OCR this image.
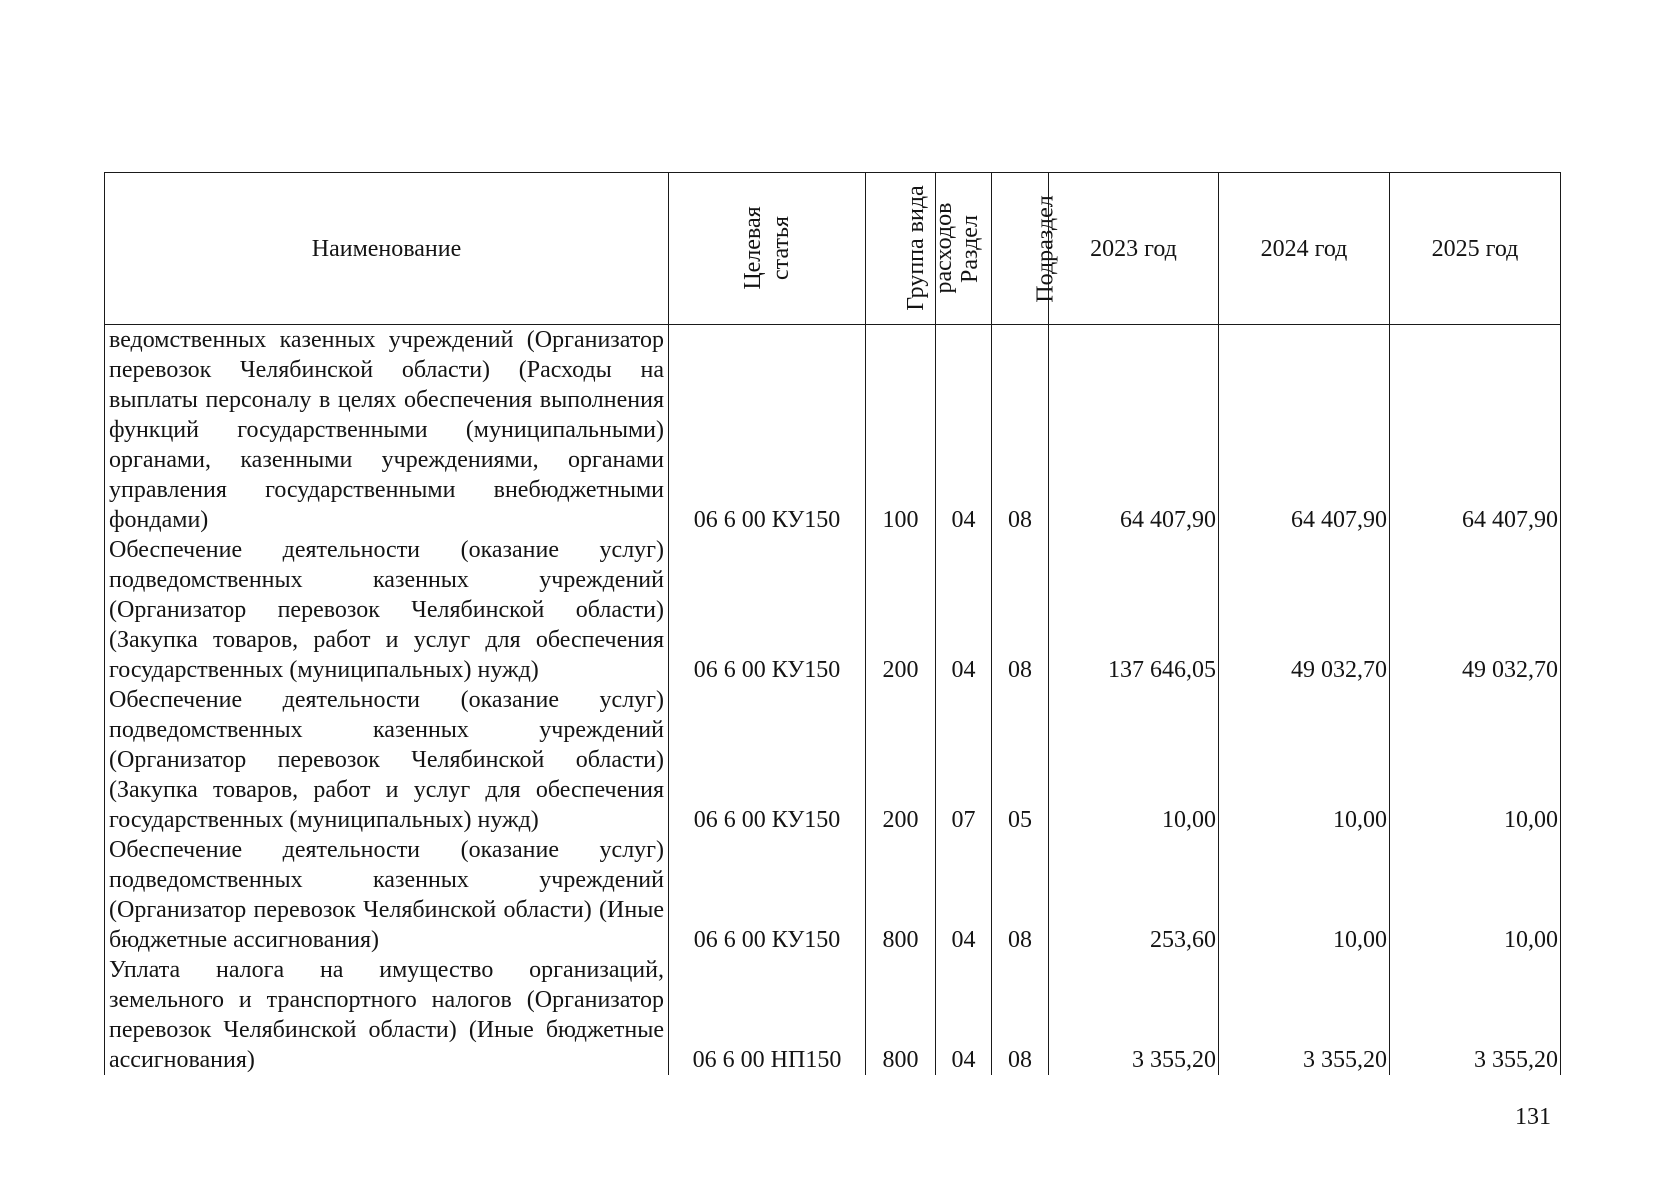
Наименование	Целевая статья	Группа вида расходов	Раздел	Подраздел	2023 год	2024 год	2025 год
ведомственных казенных учреждений (Организатор перевозок Челябинской области) (Расходы на выплаты персоналу в целях обеспечения выполнения функций государственными (муниципальными) органами, казенными учреждениями, органами управления государственными внебюджетными фондами)	06 6 00 КУ150	100	04	08	64 407,90	64 407,90	64 407,90
Обеспечение деятельности (оказание услуг) подведомственных казенных учреждений (Организатор перевозок Челябинской области) (Закупка товаров, работ и услуг для обеспечения государственных (муниципальных) нужд)	06 6 00 КУ150	200	04	08	137 646,05	49 032,70	49 032,70
Обеспечение деятельности (оказание услуг) подведомственных казенных учреждений (Организатор перевозок Челябинской области) (Закупка товаров, работ и услуг для обеспечения государственных (муниципальных) нужд)	06 6 00 КУ150	200	07	05	10,00	10,00	10,00
Обеспечение деятельности (оказание услуг) подведомственных казенных учреждений (Организатор перевозок Челябинской области) (Иные бюджетные ассигнования)	06 6 00 КУ150	800	04	08	253,60	10,00	10,00
Уплата налога на имущество организаций, земельного и транспортного налогов (Организатор перевозок Челябинской области) (Иные бюджетные ассигнования)	06 6 00 НП150	800	04	08	3 355,20	3 355,20	3 355,20
131
